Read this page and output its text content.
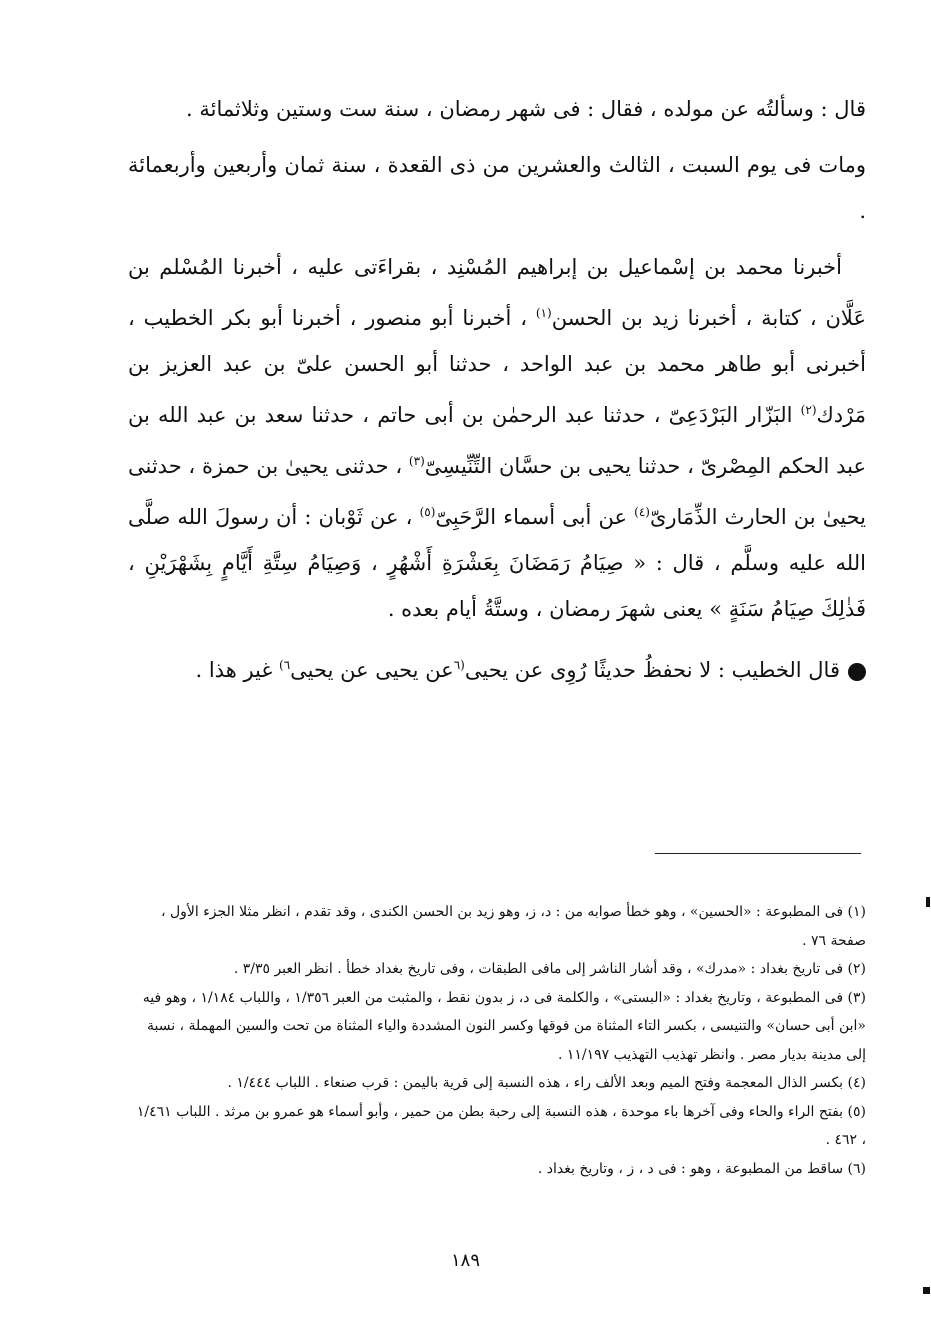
قال : وسألتُه عن مولده ، فقال : فى شهر رمضان ، سنة ست وستين وثلاثمائة .

ومات فى يوم السبت ، الثالث والعشرين من ذى القعدة ، سنة ثمان وأربعين وأربعمائة .

أخبرنا محمد بن إسْماعيل بن إبراهيم المُسْنِد ، بقراءَتى عليه ، أخبرنا المُسْلم بن عَلَّان ، كتابة ، أخبرنا زيد بن الحسن$^{(١)}$ ، أخبرنا أبو منصور ، أخبرنا أبو بكر الخطيب ، أخبرنى أبو طاهر محمد بن عبد الواحد ، حدثنا أبو الحسن علىّ بن عبد العزيز بن مَرْدك$^{(٢)}$ البَزّار البَرْدَعِىّ ، حدثنا عبد الرحمٰن بن أبى حاتم ، حدثنا سعد بن عبد الله بن عبد الحكم المِصْرىّ ، حدثنا يحيى بن حسَّان التِّنِّيسِىّ$^{(٣)}$ ، حدثنى يحيىٰ بن حمزة ، حدثنى يحيىٰ بن الحارث الذِّمَارىّ$^{(٤)}$ عن أبى أسماء الرَّحَبِىّ$^{(٥)}$ ، عن ثَوْبان : أن رسولَ الله صلَّى الله عليه وسلَّم ، قال : « صِيَامُ رَمَضَانَ بِعَشْرَةِ أَشْهُرٍ ، وَصِيَامُ سِتَّةِ أَيَّامٍ بِشَهْرَيْنِ ، فَذٰلِكَ صِيَامُ سَنَةٍ » يعنى شهرَ رمضان ، وستَّةُ أيام بعده .

قال الخطيب : لا نحفظُ حديثًا رُوِى عن يحيى$^{(٦}$عن يحيى عن يحيى$^{٦)}$ غير هذا .

(١) فى المطبوعة : «الحسين» ، وهو خطأ صوابه من : د، ز، وهو زيد بن الحسن الكندى ، وقد تقدم ، انظر مثلا الجزء الأول ، صفحة ٧٦ .

(٢) فى تاريخ بغداد : «مدرك» ، وقد أشار الناشر إلى مافى الطبقات ، وفى تاريخ بغداد خطأ . انظر العبر ٣/٣٥ .

(٣) فى المطبوعة ، وتاريخ بغداد : «البستى» ، والكلمة فى د، ز بدون نقط ، والمثبت من العبر ١/٣٥٦ ، واللباب ١/١٨٤ ، وهو فيه «ابن أبى حسان» والتنيسى ، بكسر التاء المثناة من فوقها وكسر النون المشددة والياء المثناة من تحت والسين المهملة ، نسبة إلى مدينة بديار مصر . وانظر تهذيب التهذيب ١١/١٩٧ .

(٤) بكسر الذال المعجمة وفتح الميم وبعد الألف راء ، هذه النسبة إلى قرية باليمن : قرب صنعاء . اللباب ١/٤٤٤ .

(٥) بفتح الراء والحاء وفى آخرها باء موحدة ، هذه النسبة إلى رحبة بطن من حمير ، وأبو أسماء هو عمرو بن مرثد . اللباب ١/٤٦١ ، ٤٦٢ .

(٦) ساقط من المطبوعة ، وهو : فى د ، ز ، وتاريخ بغداد .

١٨٩
